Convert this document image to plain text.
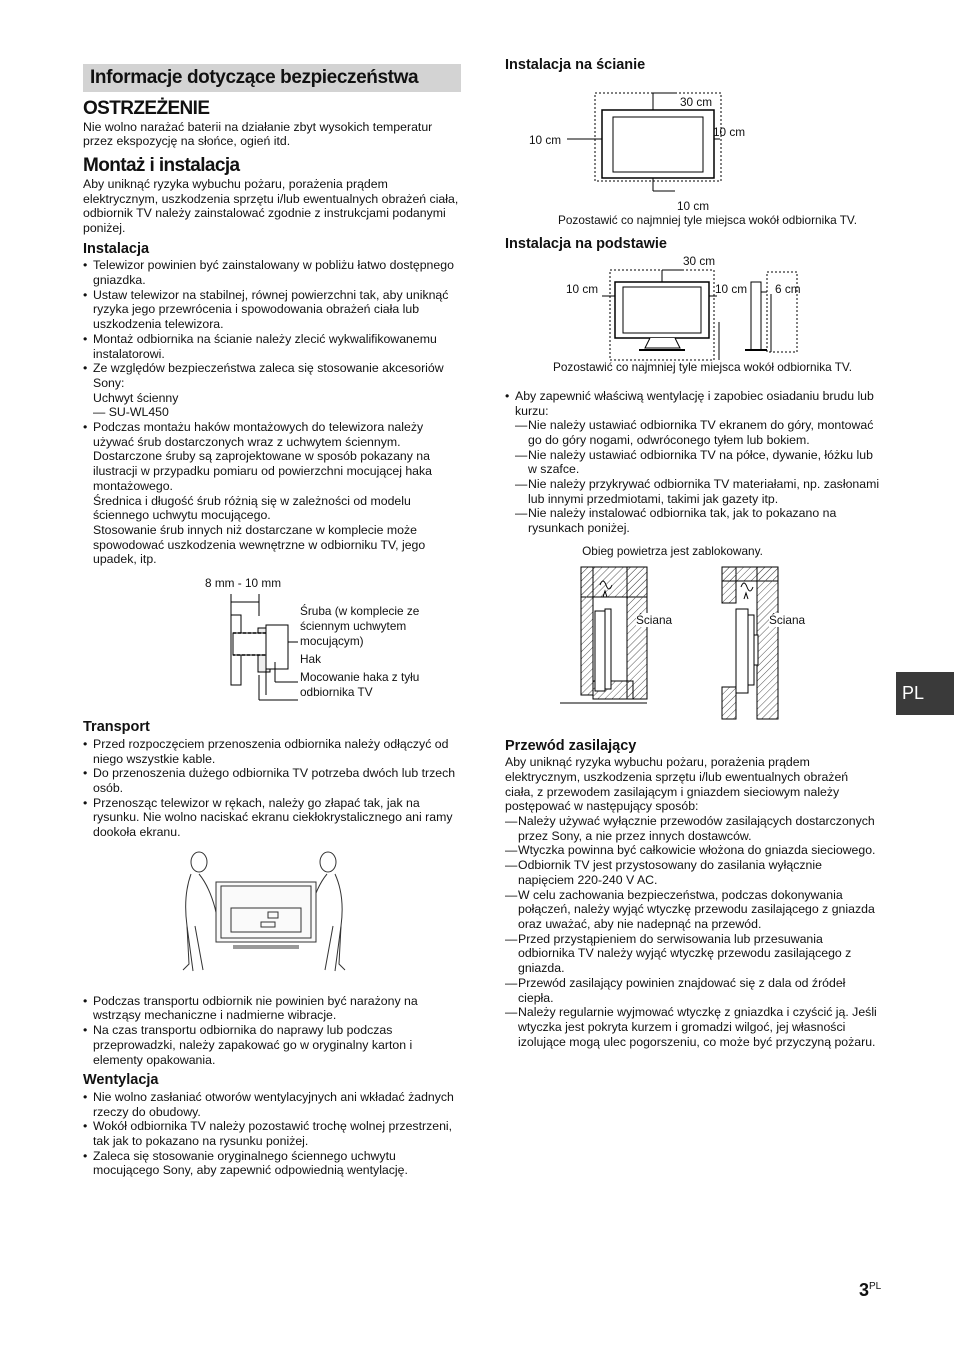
Informacje dotyczące bezpieczeństwa
OSTRZEŻENIE

Nie wolno narażać baterii na działanie zbyt wysokich temperatur przez ekspozycję na słońce, ogień itd.

Montaż i instalacja

Aby uniknąć ryzyka wybuchu pożaru, porażenia prądem elektrycznym, uszkodzenia sprzętu i/lub ewentualnych obrażeń ciała, odbiornik TV należy zainstalować zgodnie z instrukcjami podanymi poniżej.

Instalacja
• Telewizor powinien być zainstalowany w pobliżu łatwo dostępnego gniazdka.
• Ustaw telewizor na stabilnej, równej powierzchni tak, aby uniknąć ryzyka jego przewrócenia i spowodowania obrażeń ciała lub uszkodzenia telewizora.
• Montaż odbiornika na ścianie należy zlecić wykwalifikowanemu instalatorowi.
• Ze względów bezpieczeństwa zaleca się stosowanie akcesoriów Sony:
Uchwyt ścienny
— SU-WL450

• Podczas montażu haków montażowych do telewizora należy używać śrub dostarczonych wraz z uchwytem ściennym. Dostarczone śruby są zaprojektowane w sposób pokazany na ilustracji w przypadku pomiaru od powierzchni mocującej haka montażowego.

Średnica i długość śrub różnią się w zależności od modelu ściennego uchwytu mocującego.

Stosowanie śrub innych niż dostarczane w komplecie może spowodować uszkodzenia wewnętrzne w odbiorniku TV, jego upadek, itp.

8 mm - 10 mm
Śruba (w komplecie ze ściennym uchwytem mocującym)
Hak
Mocowanie haka z tyłu odbiornika TV
Transport
• Przed rozpoczęciem przenoszenia odbiornika należy odłączyć od niego wszystkie kable.
• Do przenoszenia dużego odbiornika TV potrzeba dwóch lub trzech osób.
• Przenosząc telewizor w rękach, należy go złapać tak, jak na rysunku. Nie wolno naciskać ekranu ciekłokrystalicznego ani ramy dookoła ekranu.
• Podczas transportu odbiornik nie powinien być narażony na wstrząsy mechaniczne i nadmierne wibracje.
• Na czas transportu odbiornika do naprawy lub podczas przeprowadzki, należy zapakować go w oryginalny karton i elementy opakowania.
Wentylacja
• Nie wolno zasłaniać otworów wentylacyjnych ani wkładać żadnych rzeczy do obudowy.
• Wokół odbiornika TV należy pozostawić trochę wolnej przestrzeni, tak jak to pokazano na rysunku poniżej.
• Zaleca się stosowanie oryginalnego ściennego uchwytu mocującego Sony, aby zapewnić odpowiednią wentylację.
Instalacja na ścianie
30 cm
10 cm
10 cm
10 cm
Pozostawić co najmniej tyle miejsca wokół odbiornika TV.
Instalacja na podstawie
30 cm
10 cm	10 cm 6 cm
Pozostawić co najmniej tyle miejsca wokół odbiornika TV.
• Aby zapewnić właściwą wentylację i zapobiec osiadaniu brudu lub kurzu:
— Nie należy ustawiać odbiornika TV ekranem do góry, montować go do góry nogami, odwróconego tyłem lub bokiem.
— Nie należy ustawiać odbiornika TV na półce, dywanie, łóżku lub w szafce.
— Nie należy przykrywać odbiornika TV materiałami, np. zasłonami lub innymi przedmiotami, takimi jak gazety itp.
— Nie należy instalować odbiornika tak, jak to pokazano na rysunkach poniżej.
Obieg powietrza jest zablokowany.
Ściana	Ściana
Przewód zasilający

Aby uniknąć ryzyka wybuchu pożaru, porażenia prądem elektrycznym, uszkodzenia sprzętu i/lub ewentualnych obrażeń ciała, z przewodem zasilającym i gniazdem sieciowym należy postępować w następujący sposób:

— Należy używać wyłącznie przewodów zasilających dostarczonych przez Sony, a nie przez innych dostawców.
— Wtyczka powinna być całkowicie włożona do gniazda sieciowego.
— Odbiornik TV jest przystosowany do zasilania wyłącznie napięciem 220-240 V AC.
— W celu zachowania bezpieczeństwa, podczas dokonywania połączeń, należy wyjąć wtyczkę przewodu zasilającego z gniazda oraz uważać, aby nie nadepnąć na przewód.
— Przed przystąpieniem do serwisowania lub przesuwania odbiornika TV należy wyjąć wtyczkę przewodu zasilającego z gniazda.
— Przewód zasilający powinien znajdować się z dala od źródeł ciepła.
— Należy regularnie wyjmować wtyczkę z gniazdka i czyścić ją. Jeśli wtyczka jest pokryta kurzem i gromadzi wilgoć, jej własności izolujące mogą ulec pogorszeniu, co może być przyczyną pożaru.
PL
$3^{PL}$
